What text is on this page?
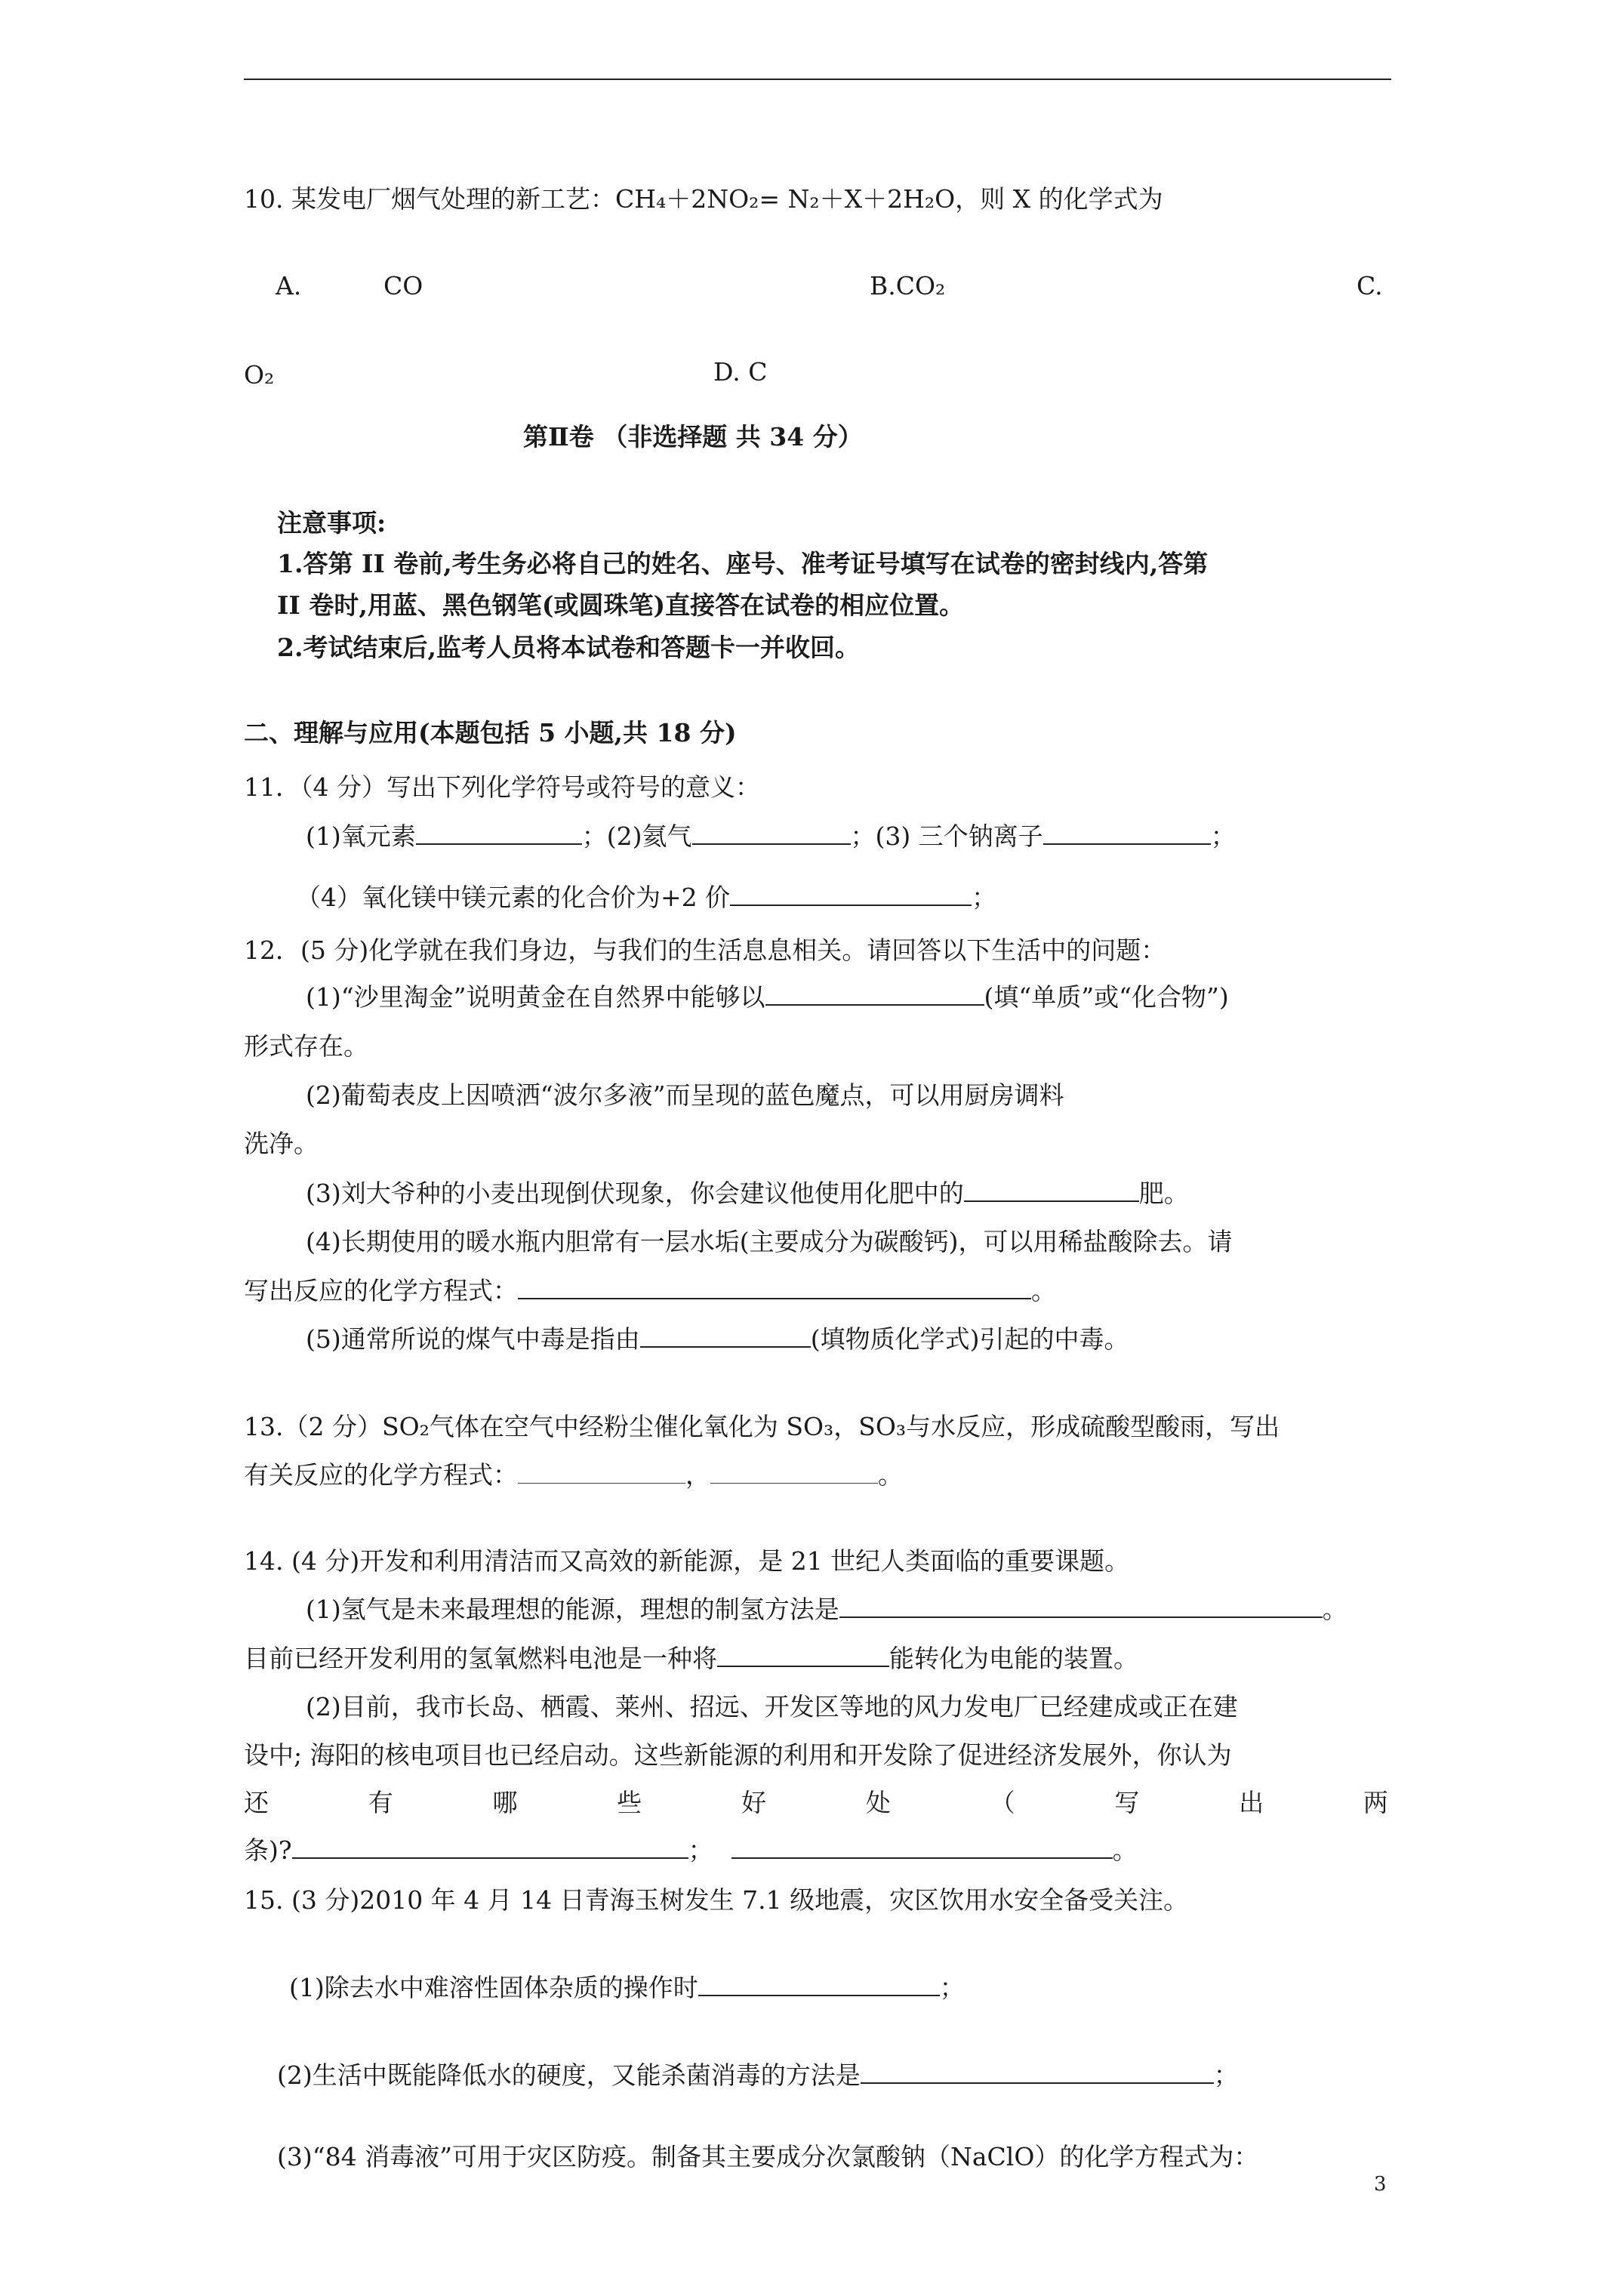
10. 某发电厂烟气处理的新工艺：CH₄＋2NO₂= N₂＋X＋2H₂O，则 X 的化学式为
A.	CO	B.CO₂	C.
O₂	D. C
第Ⅱ卷 （非选择题 共 34 分）
注意事项:
1.答第 II 卷前,考生务必将自己的姓名、座号、准考证号填写在试卷的密封线内,答第
II 卷时,用蓝、黑色钢笔(或圆珠笔)直接答在试卷的相应位置。
2.考试结束后,监考人员将本试卷和答题卡一并收回。
二、理解与应用(本题包括 5 小题,共 18 分)
11．（4 分）写出下列化学符号或符号的意义：
(1)氧元素	；(2)氦气	；(3) 三个钠离子	；
（4）氧化镁中镁元素的化合价为+2 价	；
12．(5 分)化学就在我们身边，与我们的生活息息相关。请回答以下生活中的问题：
(1)“沙里淘金”说明黄金在自然界中能够以	(填“单质”或“化合物”)
形式存在。
(2)葡萄表皮上因喷洒“波尔多液”而呈现的蓝色魔点，可以用厨房调料
洗净。
(3)刘大爷种的小麦出现倒伏现象，你会建议他使用化肥中的	肥。
(4)长期使用的暖水瓶内胆常有一层水垢(主要成分为碳酸钙)，可以用稀盐酸除去。请
写出反应的化学方程式：	。
(5)通常所说的煤气中毒是指由	(填物质化学式)引起的中毒。
13.（2 分）SO₂气体在空气中经粉尘催化氧化为 SO₃，SO₃与水反应，形成硫酸型酸雨，写出
有关反应的化学方程式：	，	。
14. (4 分)开发和利用清洁而又高效的新能源，是 21 世纪人类面临的重要课题。
(1)氢气是未来最理想的能源，理想的制氢方法是	。
目前已经开发利用的氢氧燃料电池是一种将	能转化为电能的装置。
(2)目前，我市长岛、栖霞、莱州、招远、开发区等地的风力发电厂已经建成或正在建
设中; 海阳的核电项目也已经启动。这些新能源的利用和开发除了促进经济发展外，你认为
还	有	哪	些	好	处	（	写	出	两
条)?	；	。
15. (3 分)2010 年 4 月 14 日青海玉树发生 7.1 级地震，灾区饮用水安全备受关注。
(1)除去水中难溶性固体杂质的操作时	；
(2)生活中既能降低水的硬度，又能杀菌消毒的方法是	；
(3)“84 消毒液”可用于灾区防疫。制备其主要成分次氯酸钠（NaClO）的化学方程式为：
3
